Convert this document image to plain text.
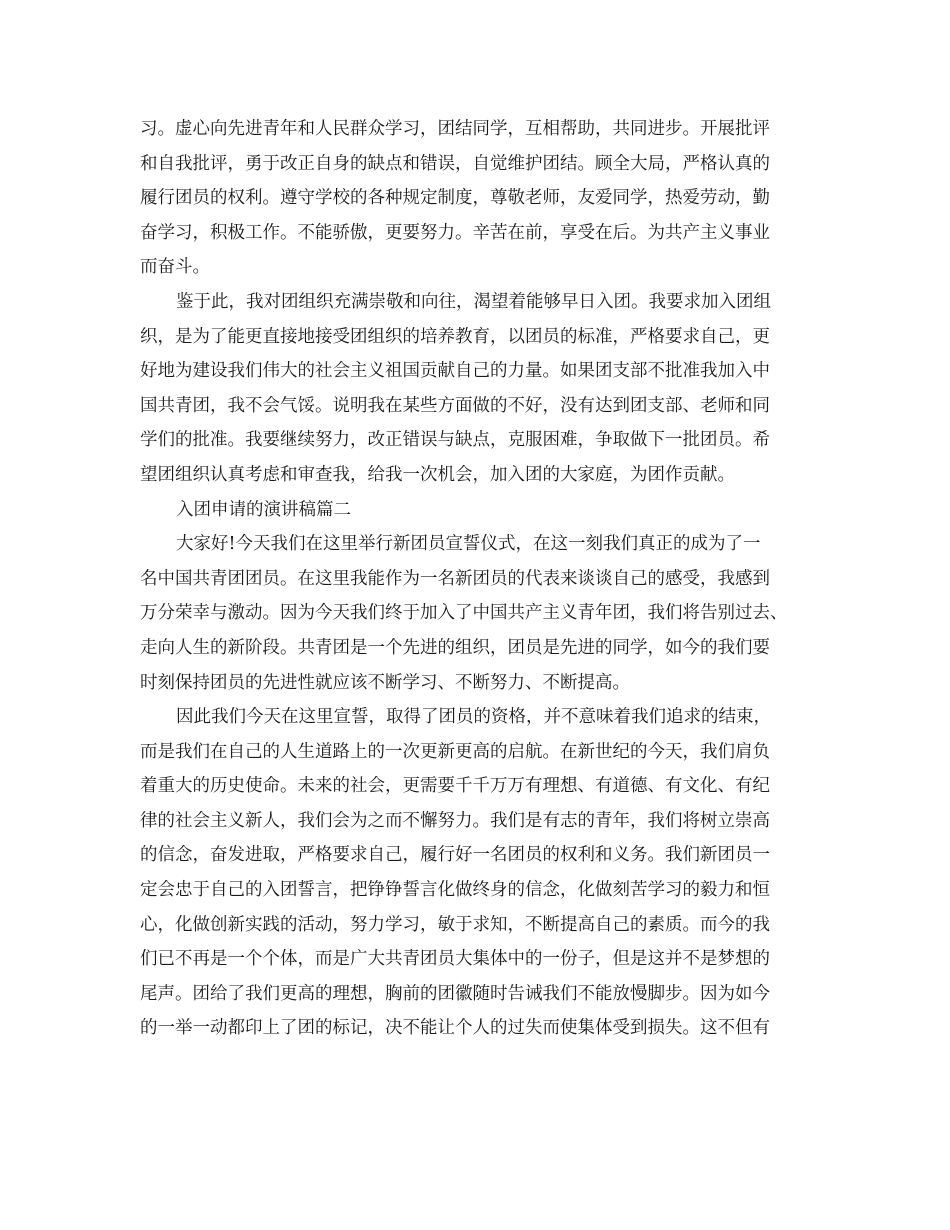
习。虚心向先进青年和人民群众学习，团结同学，互相帮助，共同进步。开展批评
和自我批评，勇于改正自身的缺点和错误，自觉维护团结。顾全大局，严格认真的
履行团员的权利。遵守学校的各种规定制度，尊敬老师，友爱同学，热爱劳动，勤
奋学习，积极工作。不能骄傲，更要努力。辛苦在前，享受在后。为共产主义事业
而奋斗。
鉴于此，我对团组织充满崇敬和向往，渴望着能够早日入团。我要求加入团组
织，是为了能更直接地接受团组织的培养教育，以团员的标准，严格要求自己，更
好地为建设我们伟大的社会主义祖国贡献自己的力量。如果团支部不批准我加入中
国共青团，我不会气馁。说明我在某些方面做的不好，没有达到团支部、老师和同
学们的批准。我要继续努力，改正错误与缺点，克服困难，争取做下一批团员。希
望团组织认真考虑和审查我，给我一次机会，加入团的大家庭，为团作贡献。
入团申请的演讲稿篇二
大家好!今天我们在这里举行新团员宣誓仪式，在这一刻我们真正的成为了一
名中国共青团团员。在这里我能作为一名新团员的代表来谈谈自己的感受，我感到
万分荣幸与激动。因为今天我们终于加入了中国共产主义青年团，我们将告别过去、
走向人生的新阶段。共青团是一个先进的组织，团员是先进的同学，如今的我们要
时刻保持团员的先进性就应该不断学习、不断努力、不断提高。
因此我们今天在这里宣誓，取得了团员的资格，并不意味着我们追求的结束，
而是我们在自己的人生道路上的一次更新更高的启航。在新世纪的今天，我们肩负
着重大的历史使命。未来的社会，更需要千千万万有理想、有道德、有文化、有纪
律的社会主义新人，我们会为之而不懈努力。我们是有志的青年，我们将树立崇高
的信念，奋发进取，严格要求自己，履行好一名团员的权利和义务。我们新团员一
定会忠于自己的入团誓言，把铮铮誓言化做终身的信念，化做刻苦学习的毅力和恒
心，化做创新实践的活动，努力学习，敏于求知，不断提高自己的素质。而今的我
们已不再是一个个体，而是广大共青团员大集体中的一份子，但是这并不是梦想的
尾声。团给了我们更高的理想，胸前的团徽随时告诫我们不能放慢脚步。因为如今
的一举一动都印上了团的标记，决不能让个人的过失而使集体受到损失。这不但有
